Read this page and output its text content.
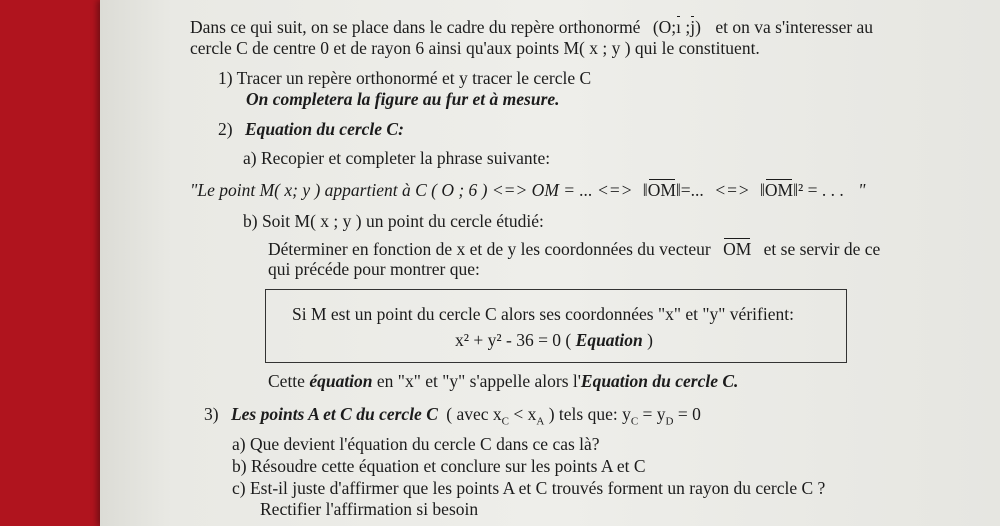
Dans ce qui suit, on se place dans le cadre du repère orthonormé (O;ı ;j) et on va s'interesser au
cercle C de centre 0 et de rayon 6 ainsi qu'aux points M( x ; y ) qui le constituent.
1) Tracer un repère orthonormé et y tracer le cercle C
On completera la figure au fur et à mesure.
2) Equation du cercle C:
a) Recopier et completer la phrase suivante:
"Le point M( x; y ) appartient à C ( O ; 6 ) <=> OM = ... <=> ‖OM‖=... <=> ‖OM‖² = . . . "
b) Soit M( x ; y ) un point du cercle étudié:
Déterminer en fonction de x et de y les coordonnées du vecteur OM et se servir de ce
qui précéde pour montrer que:
Si M est un point du cercle C alors ses coordonnées "x" et "y" vérifient:
x² + y² - 36 = 0 ( Equation )
Cette équation en "x" et "y" s'appelle alors l'Equation du cercle C.
3) Les points A et C du cercle C ( avec $x_C < x_A$ ) tels que: $y_C = y_D = 0$
a) Que devient l'équation du cercle C dans ce cas là?
b) Résoudre cette équation et conclure sur les points A et C
c) Est-il juste d'affirmer que les points A et C trouvés forment un rayon du cercle C ?
Rectifier l'affirmation si besoin
